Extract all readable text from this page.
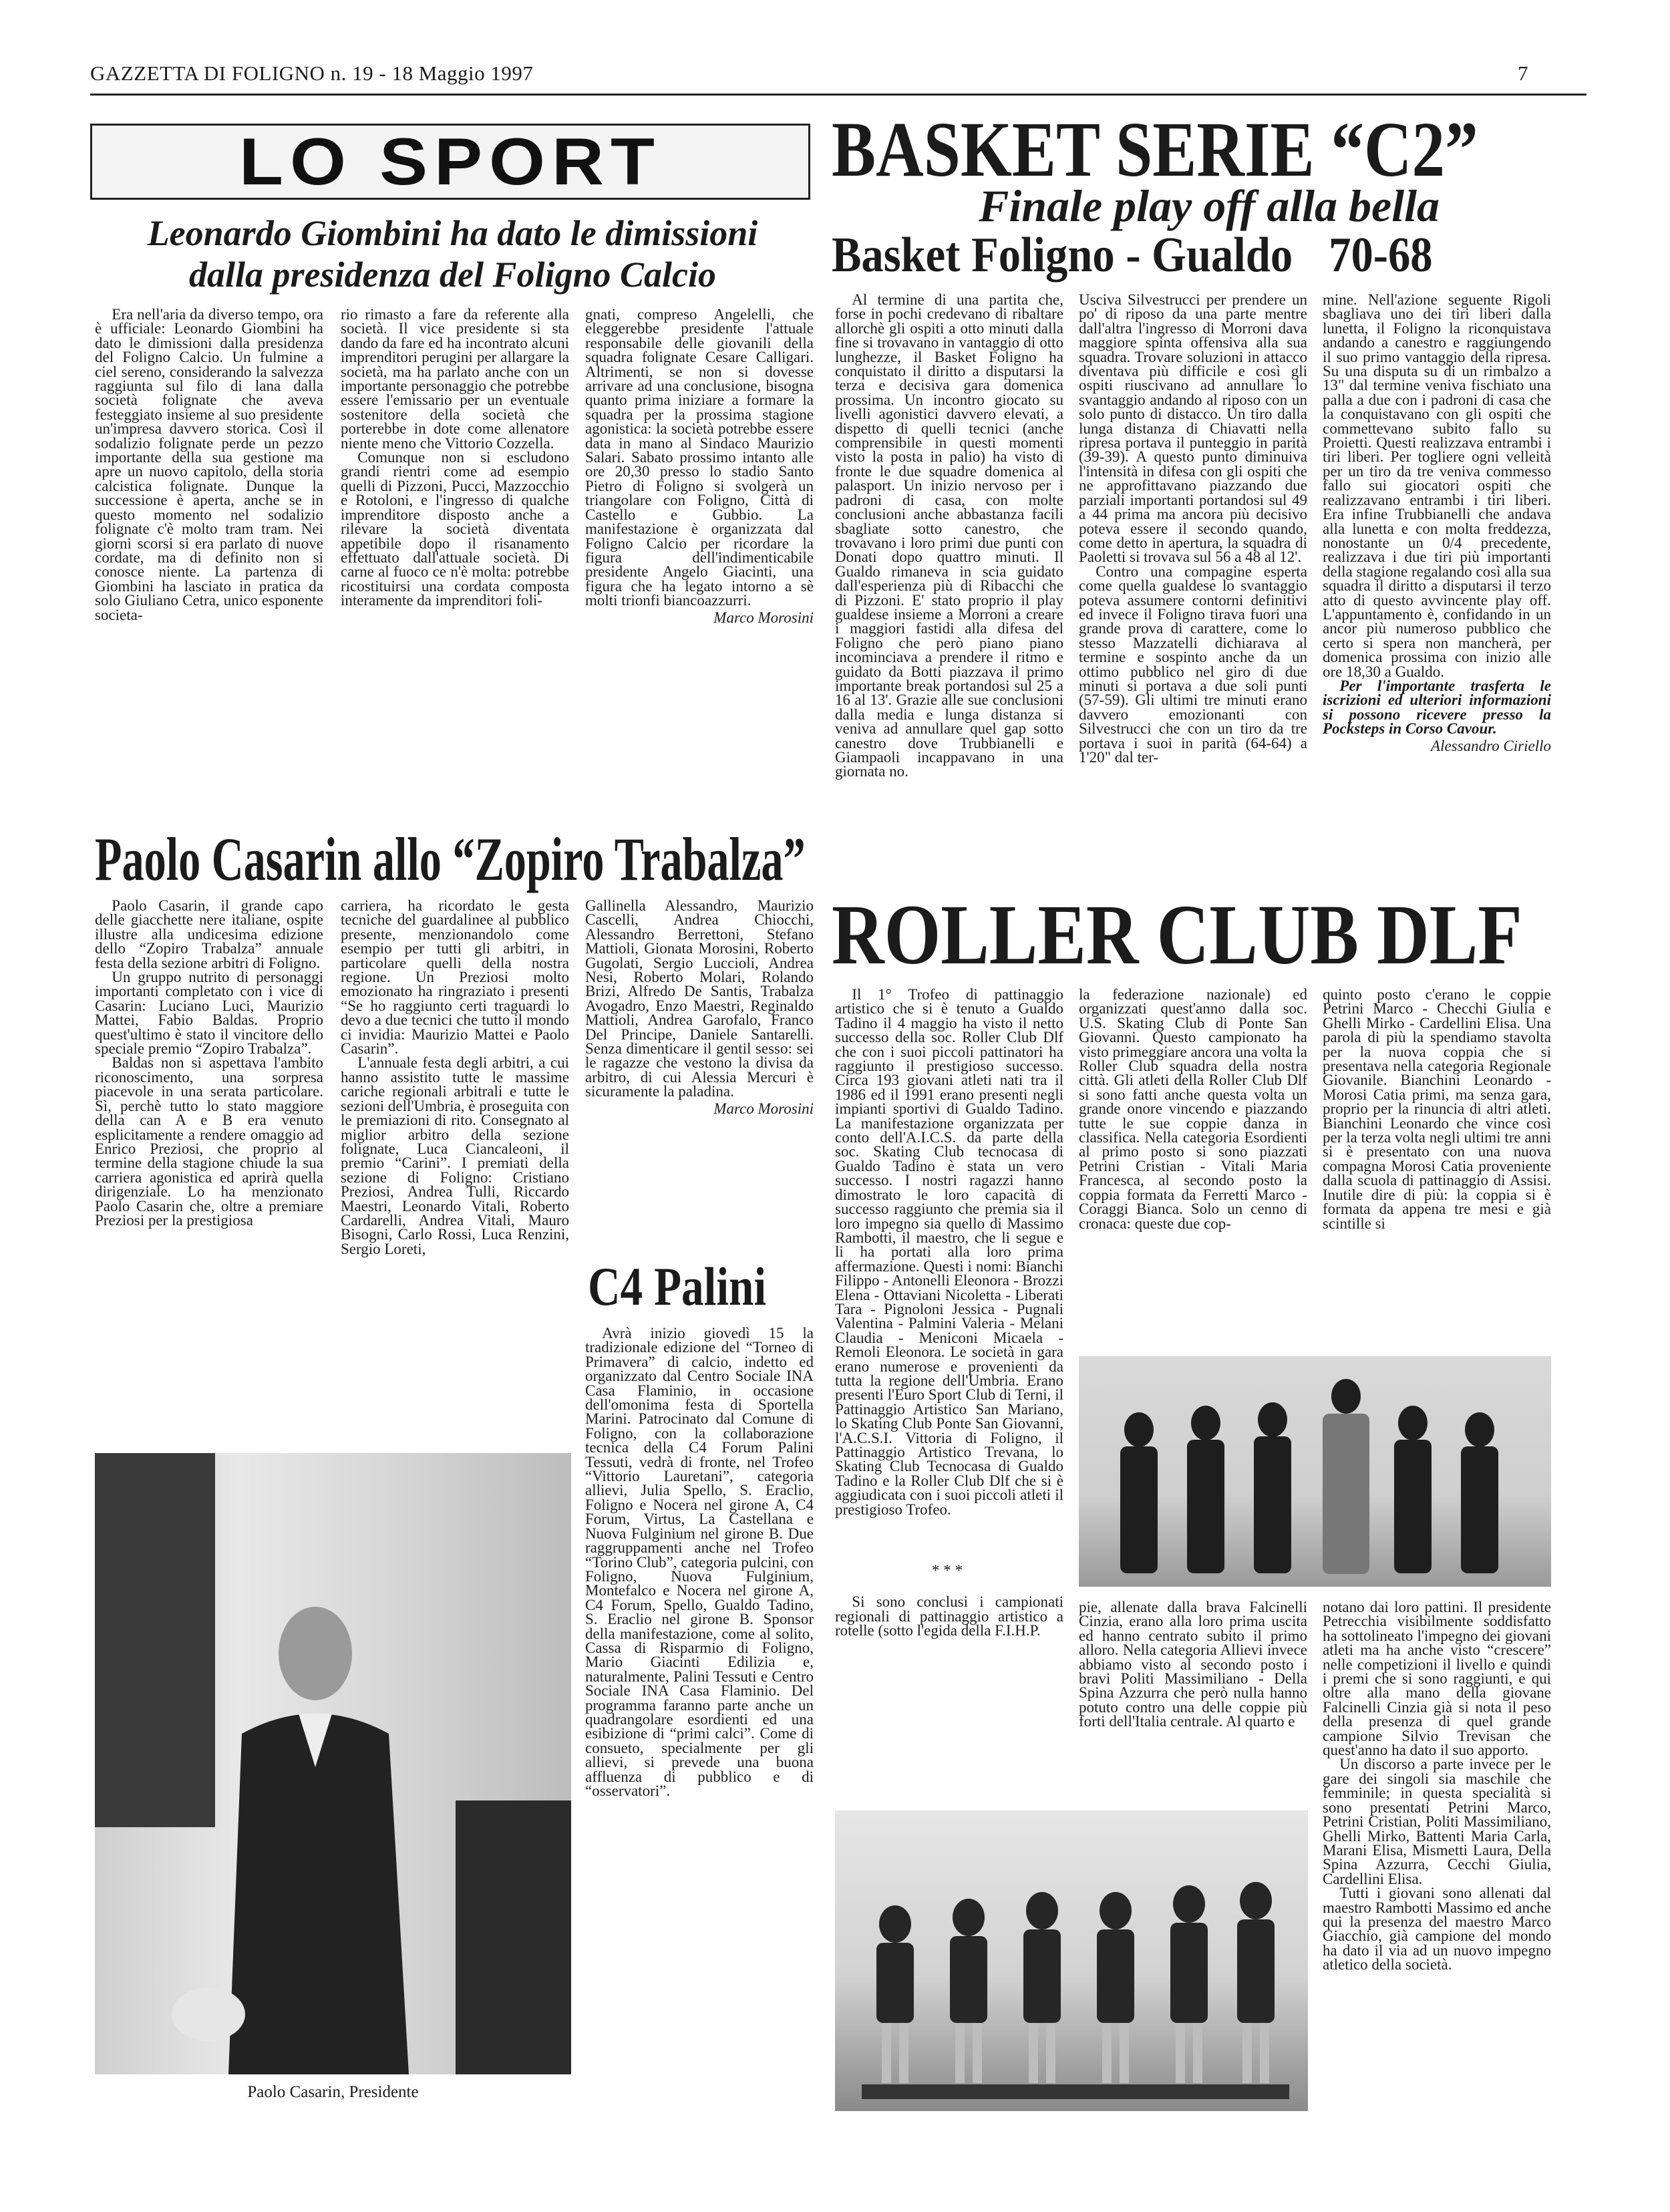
GAZZETTA DI FOLIGNO n. 19 - 18 Maggio 1997	7
LO SPORT
Leonardo Giombini ha dato le dimissioni
dalla presidenza del Foligno Calcio

Era nell'aria da diverso tempo, ora è ufficiale: Leonardo Giombini ha dato le dimissioni dalla presidenza del Foligno Calcio. Un fulmine a ciel sereno, considerando la salvezza raggiunta sul filo di lana dalla società folignate che aveva festeggiato insieme al suo presidente un'impresa davvero storica. Così il sodalizio folignate perde un pezzo importante della sua gestione ma apre un nuovo capitolo, della storia calcistica folignate. Dunque la successione è aperta, anche se in questo momento nel sodalizio folignate c'è molto tram tram. Nei giorni scorsi si era parlato di nuove cordate, ma di definito non si conosce niente. La partenza di Giombini ha lasciato in pratica da solo Giuliano Cetra, unico esponente societa-

rio rimasto a fare da referente alla società. Il vice presidente si sta dando da fare ed ha incontrato alcuni imprenditori perugini per allargare la società, ma ha parlato anche con un importante personaggio che potrebbe essere l'emissario per un eventuale sostenitore della società che porterebbe in dote come allenatore niente meno che Vittorio Cozzella.

Comunque non si escludono grandi rientri come ad esempio quelli di Pizzoni, Pucci, Mazzocchio e Rotoloni, e l'ingresso di qualche imprenditore disposto anche a rilevare la società diventata appetibile dopo il risanamento effettuato dall'attuale società. Di carne al fuoco ce n'è molta: potrebbe ricostituirsi una cordata composta interamente da imprenditori foli-

gnati, compreso Angelelli, che eleggerebbe presidente l'attuale responsabile delle giovanili della squadra folignate Cesare Calligari. Altrimenti, se non si dovesse arrivare ad una conclusione, bisogna quanto prima iniziare a formare la squadra per la prossima stagione agonistica: la società potrebbe essere data in mano al Sindaco Maurizio Salari. Sabato prossimo intanto alle ore 20,30 presso lo stadio Santo Pietro di Foligno si svolgerà un triangolare con Foligno, Città di Castello e Gubbio. La manifestazione è organizzata dal Foligno Calcio per ricordare la figura dell'indimenticabile presidente Angelo Giacinti, una figura che ha legato intorno a sè molti trionfi biancoazzurri.

Marco Morosini

Paolo Casarin allo “Zopiro Trabalza”

Paolo Casarin, il grande capo delle giacchette nere italiane, ospite illustre alla undicesima edizione dello “Zopiro Trabalza” annuale festa della sezione arbitri di Foligno.

Un gruppo nutrito di personaggi importanti completato con i vice di Casarin: Luciano Luci, Maurizio Mattei, Fabio Baldas. Proprio quest'ultimo è stato il vincitore dello speciale premio “Zopiro Trabalza”.

Baldas non si aspettava l'ambito riconoscimento, una sorpresa piacevole in una serata particolare. Sì, perchè tutto lo stato maggiore della can A e B era venuto esplicitamente a rendere omaggio ad Enrico Preziosi, che proprio al termine della stagione chiude la sua carriera agonistica ed aprirà quella dirigenziale. Lo ha menzionato Paolo Casarin che, oltre a premiare Preziosi per la prestigiosa

carriera, ha ricordato le gesta tecniche del guardalinee al pubblico presente, menzionandolo come esempio per tutti gli arbitri, in particolare quelli della nostra regione. Un Preziosi molto emozionato ha ringraziato i presenti “Se ho raggiunto certi traguardi lo devo a due tecnici che tutto il mondo ci invidia: Maurizio Mattei e Paolo Casarin”.

L'annuale festa degli arbitri, a cui hanno assistito tutte le massime cariche regionali arbitrali e tutte le sezioni dell'Umbria, è proseguita con le premiazioni di rito. Consegnato al miglior arbitro della sezione folignate, Luca Ciancaleoni, il premio “Carini”. I premiati della sezione di Foligno: Cristiano Preziosi, Andrea Tulli, Riccardo Maestri, Leonardo Vitali, Roberto Cardarelli, Andrea Vitali, Mauro Bisogni, Carlo Rossi, Luca Renzini, Sergio Loreti,

Gallinella Alessandro, Maurizio Cascelli, Andrea Chiocchi, Alessandro Berrettoni, Stefano Mattioli, Gionata Morosini, Roberto Gugolati, Sergio Luccioli, Andrea Nesi, Roberto Molari, Rolando Brizi, Alfredo De Santis, Trabalza Avogadro, Enzo Maestri, Reginaldo Mattioli, Andrea Garofalo, Franco Del Principe, Daniele Santarelli. Senza dimenticare il gentil sesso: sei le ragazze che vestono la divisa da arbitro, di cui Alessia Mercuri è sicuramente la paladina.

Marco Morosini

Paolo Casarin, Presidente
C4 Palini

Avrà inizio giovedì 15 la tradizionale edizione del “Torneo di Primavera” di calcio, indetto ed organizzato dal Centro Sociale INA Casa Flaminio, in occasione dell'omonima festa di Sportella Marini. Patrocinato dal Comune di Foligno, con la collaborazione tecnica della C4 Forum Palini Tessuti, vedrà di fronte, nel Trofeo “Vittorio Lauretani”, categoria allievi, Julia Spello, S. Eraclio, Foligno e Nocera nel girone A, C4 Forum, Virtus, La Castellana e Nuova Fulginium nel girone B. Due raggruppamenti anche nel Trofeo “Torino Club”, categoria pulcini, con Foligno, Nuova Fulginium, Montefalco e Nocera nel girone A, C4 Forum, Spello, Gualdo Tadino, S. Eraclio nel girone B. Sponsor della manifestazione, come al solito, Cassa di Risparmio di Foligno, Mario Giacinti Edilizia e, naturalmente, Palini Tessuti e Centro Sociale INA Casa Flaminio. Del programma faranno parte anche un quadrangolare esordienti ed una esibizione di “primi calci”. Come di consueto, specialmente per gli allievi, si prevede una buona affluenza di pubblico e di “osservatori”.

BASKET SERIE “C2”
Finale play off alla bella
Basket Foligno - Gualdo 70-68

Al termine di una partita che, forse in pochi credevano di ribaltare allorchè gli ospiti a otto minuti dalla fine si trovavano in vantaggio di otto lunghezze, il Basket Foligno ha conquistato il diritto a disputarsi la terza e decisiva gara domenica prossima. Un incontro giocato su livelli agonistici davvero elevati, a dispetto di quelli tecnici (anche comprensibile in questi momenti visto la posta in palio) ha visto di fronte le due squadre domenica al palasport. Un inizio nervoso per i padroni di casa, con molte conclusioni anche abbastanza facili sbagliate sotto canestro, che trovavano i loro primi due punti con Donati dopo quattro minuti. Il Gualdo rimaneva in scia guidato dall'esperienza più di Ribacchi che di Pizzoni. E' stato proprio il play gualdese insieme a Morroni a creare i maggiori fastidi alla difesa del Foligno che però piano piano incominciava a prendere il ritmo e guidato da Botti piazzava il primo importante break portandosi sul 25 a 16 al 13'. Grazie alle sue conclusioni dalla media e lunga distanza si veniva ad annullare quel gap sotto canestro dove Trubbianelli e Giampaoli incappavano in una giornata no.

Usciva Silvestrucci per prendere un po' di riposo da una parte mentre dall'altra l'ingresso di Morroni dava maggiore spinta offensiva alla sua squadra. Trovare soluzioni in attacco diventava più difficile e così gli ospiti riuscivano ad annullare lo svantaggio andando al riposo con un solo punto di distacco. Un tiro dalla lunga distanza di Chiavatti nella ripresa portava il punteggio in parità (39-39). A questo punto diminuiva l'intensità in difesa con gli ospiti che ne approfittavano piazzando due parziali importanti portandosi sul 49 a 44 prima ma ancora più decisivo poteva essere il secondo quando, come detto in apertura, la squadra di Paoletti si trovava sul 56 a 48 al 12'.

Contro una compagine esperta come quella gualdese lo svantaggio poteva assumere contorni definitivi ed invece il Foligno tirava fuori una grande prova di carattere, come lo stesso Mazzatelli dichiarava al termine e sospinto anche da un ottimo pubblico nel giro di due minuti si portava a due soli punti (57-59). Gli ultimi tre minuti erano davvero emozionanti con Silvestrucci che con un tiro da tre portava i suoi in parità (64-64) a 1'20" dal ter-

mine. Nell'azione seguente Rigoli sbagliava uno dei tiri liberi dalla lunetta, il Foligno la riconquistava andando a canestro e raggiungendo il suo primo vantaggio della ripresa. Su una disputa su di un rimbalzo a 13" dal termine veniva fischiato una palla a due con i padroni di casa che la conquistavano con gli ospiti che commettevano subito fallo su Proietti. Questi realizzava entrambi i tiri liberi. Per togliere ogni velleità per un tiro da tre veniva commesso fallo sui giocatori ospiti che realizzavano entrambi i tiri liberi. Era infine Trubbianelli che andava alla lunetta e con molta freddezza, nonostante un 0/4 precedente, realizzava i due tiri più importanti della stagione regalando così alla sua squadra il diritto a disputarsi il terzo atto di questo avvincente play off. L'appuntamento è, confidando in un ancor più numeroso pubblico che certo si spera non mancherà, per domenica prossima con inizio alle ore 18,30 a Gualdo.

Per l'importante trasferta le iscrizioni ed ulteriori informazioni si possono ricevere presso la Pocksteps in Corso Cavour.

Alessandro Ciriello

ROLLER CLUB DLF

Il 1° Trofeo di pattinaggio artistico che si è tenuto a Gualdo Tadino il 4 maggio ha visto il netto successo della soc. Roller Club Dlf che con i suoi piccoli pattinatori ha raggiunto il prestigioso successo. Circa 193 giovani atleti nati tra il 1986 ed il 1991 erano presenti negli impianti sportivi di Gualdo Tadino. La manifestazione organizzata per conto dell'A.I.C.S. da parte della soc. Skating Club tecnocasa di Gualdo Tadino è stata un vero successo. I nostri ragazzi hanno dimostrato le loro capacità di successo raggiunto che premia sia il loro impegno sia quello di Massimo Rambotti, il maestro, che li segue e li ha portati alla loro prima affermazione. Questi i nomi: Bianchi Filippo - Antonelli Eleonora - Brozzi Elena - Ottaviani Nicoletta - Liberati Tara - Pignoloni Jessica - Pugnali Valentina - Palmini Valeria - Melani Claudia - Meniconi Micaela - Remoli Eleonora. Le società in gara erano numerose e provenienti da tutta la regione dell'Umbria. Erano presenti l'Euro Sport Club di Terni, il Pattinaggio Artistico San Mariano, lo Skating Club Ponte San Giovanni, l'A.C.S.I. Vittoria di Foligno, il Pattinaggio Artistico Trevana, lo Skating Club Tecnocasa di Gualdo Tadino e la Roller Club Dlf che si è aggiudicata con i suoi piccoli atleti il prestigioso Trofeo.

***

Si sono conclusi i campionati regionali di pattinaggio artistico a rotelle (sotto l'egida della F.I.H.P.

la federazione nazionale) ed organizzati quest'anno dalla soc. U.S. Skating Club di Ponte San Giovanni. Questo campionato ha visto primeggiare ancora una volta la Roller Club squadra della nostra città. Gli atleti della Roller Club Dlf si sono fatti anche questa volta un grande onore vincendo e piazzando tutte le sue coppie danza in classifica. Nella categoria Esordienti al primo posto si sono piazzati Petrini Cristian - Vitali Maria Francesca, al secondo posto la coppia formata da Ferretti Marco - Coraggi Bianca. Solo un cenno di cronaca: queste due cop-

quinto posto c'erano le coppie Petrini Marco - Checchi Giulia e Ghelli Mirko - Cardellini Elisa. Una parola di più la spendiamo stavolta per la nuova coppia che si presentava nella categoria Regionale Giovanile. Bianchini Leonardo - Morosi Catia primi, ma senza gara, proprio per la rinuncia di altri atleti. Bianchini Leonardo che vince così per la terza volta negli ultimi tre anni si è presentato con una nuova compagna Morosi Catia proveniente dalla scuola di pattinaggio di Assisi. Inutile dire di più: la coppia si è formata da appena tre mesi e già scintille si

pie, allenate dalla brava Falcinelli Cinzia, erano alla loro prima uscita ed hanno centrato subito il primo alloro. Nella categoria Allievi invece abbiamo visto al secondo posto i bravi Politi Massimiliano - Della Spina Azzurra che però nulla hanno potuto contro una delle coppie più forti dell'Italia centrale. Al quarto e

notano dai loro pattini. Il presidente Petrecchia visibilmente soddisfatto ha sottolineato l'impegno dei giovani atleti ma ha anche visto “crescere” nelle competizioni il livello e quindi i premi che si sono raggiunti, e qui oltre alla mano della giovane Falcinelli Cinzia già si nota il peso della presenza di quel grande campione Silvio Trevisan che quest'anno ha dato il suo apporto.

Un discorso a parte invece per le gare dei singoli sia maschile che femminile; in questa specialità si sono presentati Petrini Marco, Petrini Cristian, Politi Massimiliano, Ghelli Mirko, Battenti Maria Carla, Marani Elisa, Mismetti Laura, Della Spina Azzurra, Cecchi Giulia, Cardellini Elisa.

Tutti i giovani sono allenati dal maestro Rambotti Massimo ed anche qui la presenza del maestro Marco Giacchio, già campione del mondo ha dato il via ad un nuovo impegno atletico della società.
